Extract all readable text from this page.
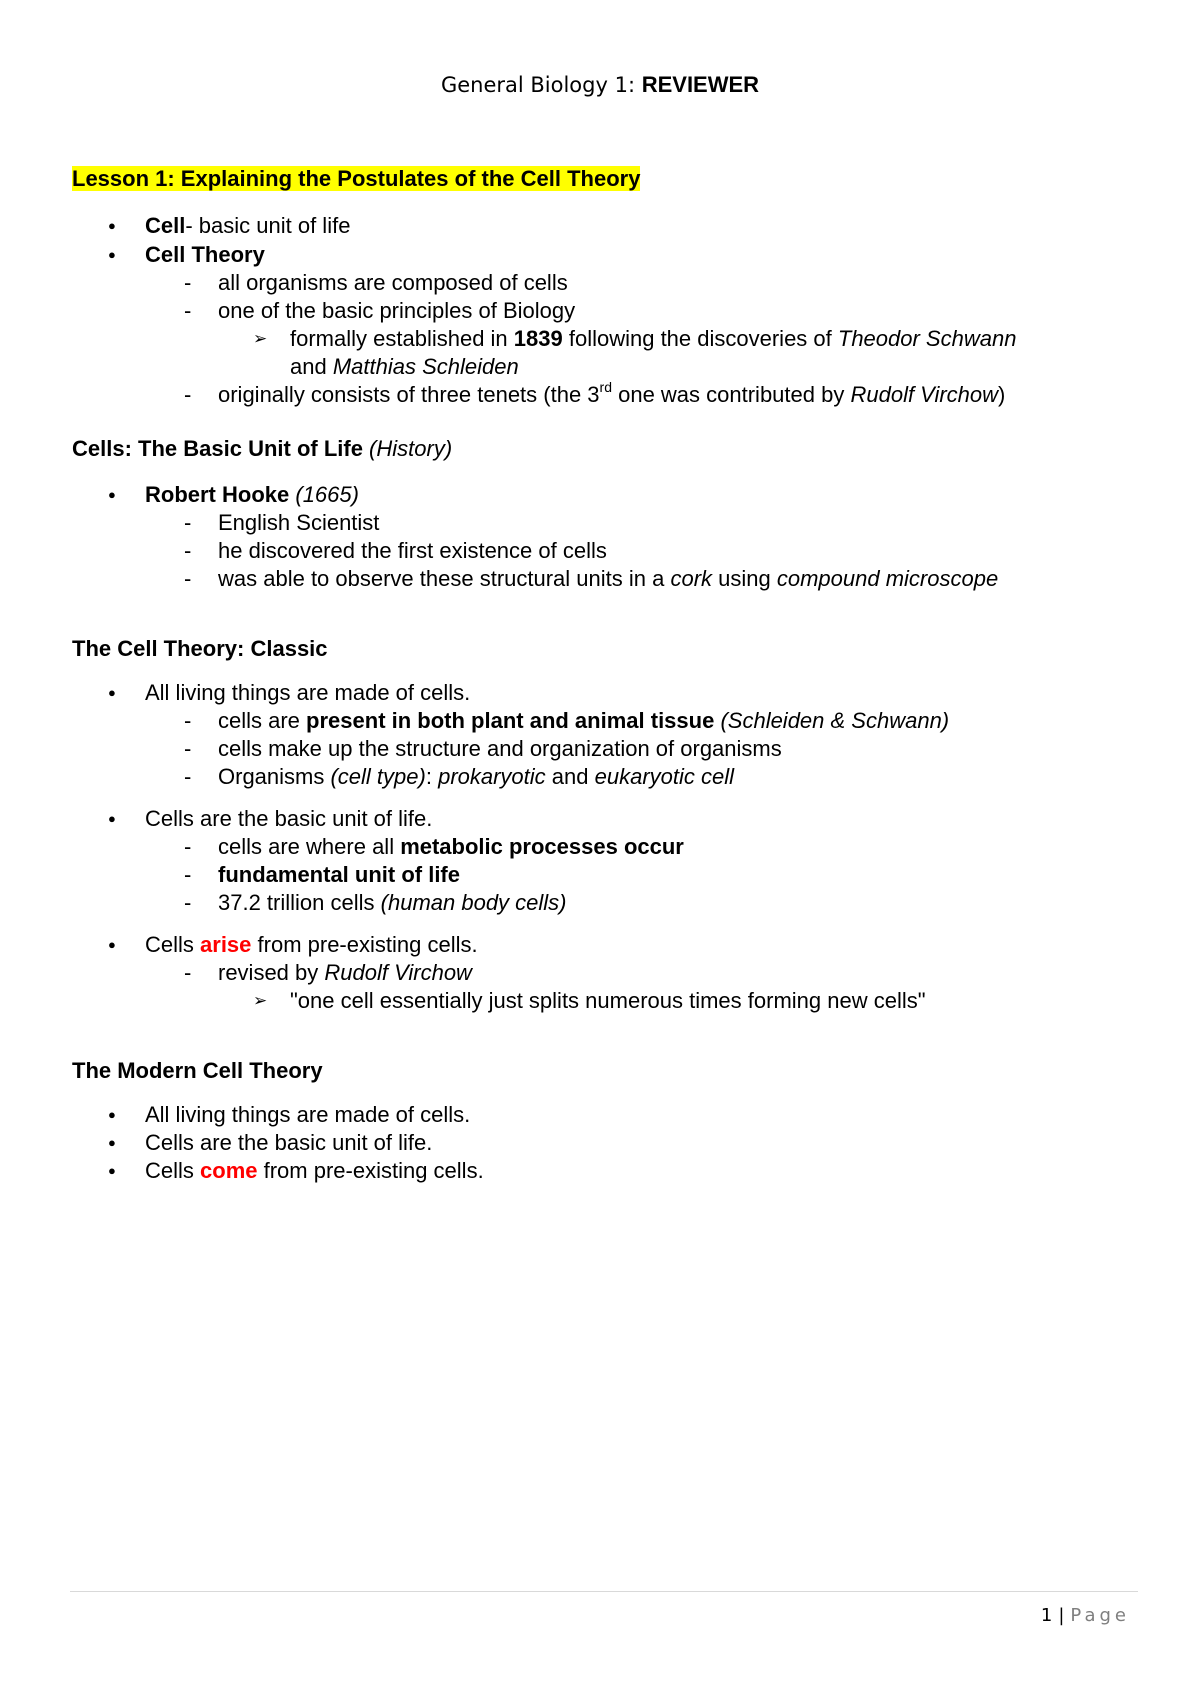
General Biology 1: REVIEWER
Lesson 1: Explaining the Postulates of the Cell Theory
● Cell- basic unit of life
● Cell Theory
- all organisms are composed of cells
- one of the basic principles of Biology
➢ formally established in 1839 following the discoveries of Theodor Schwann
and Matthias Schleiden
- originally consists of three tenets (the 3rd one was contributed by Rudolf Virchow)
Cells: The Basic Unit of Life (History)
● Robert Hooke (1665)
- English Scientist
- he discovered the first existence of cells
- was able to observe these structural units in a cork using compound microscope
The Cell Theory: Classic
● All living things are made of cells.
- cells are present in both plant and animal tissue (Schleiden & Schwann)
- cells make up the structure and organization of organisms
- Organisms (cell type): prokaryotic and eukaryotic cell
● Cells are the basic unit of life.
- cells are where all metabolic processes occur
- fundamental unit of life
- 37.2 trillion cells (human body cells)
● Cells arise from pre-existing cells.
- revised by Rudolf Virchow
➢ "one cell essentially just splits numerous times forming new cells"
The Modern Cell Theory
● All living things are made of cells.
● Cells are the basic unit of life.
● Cells come from pre-existing cells.
1 | Page
